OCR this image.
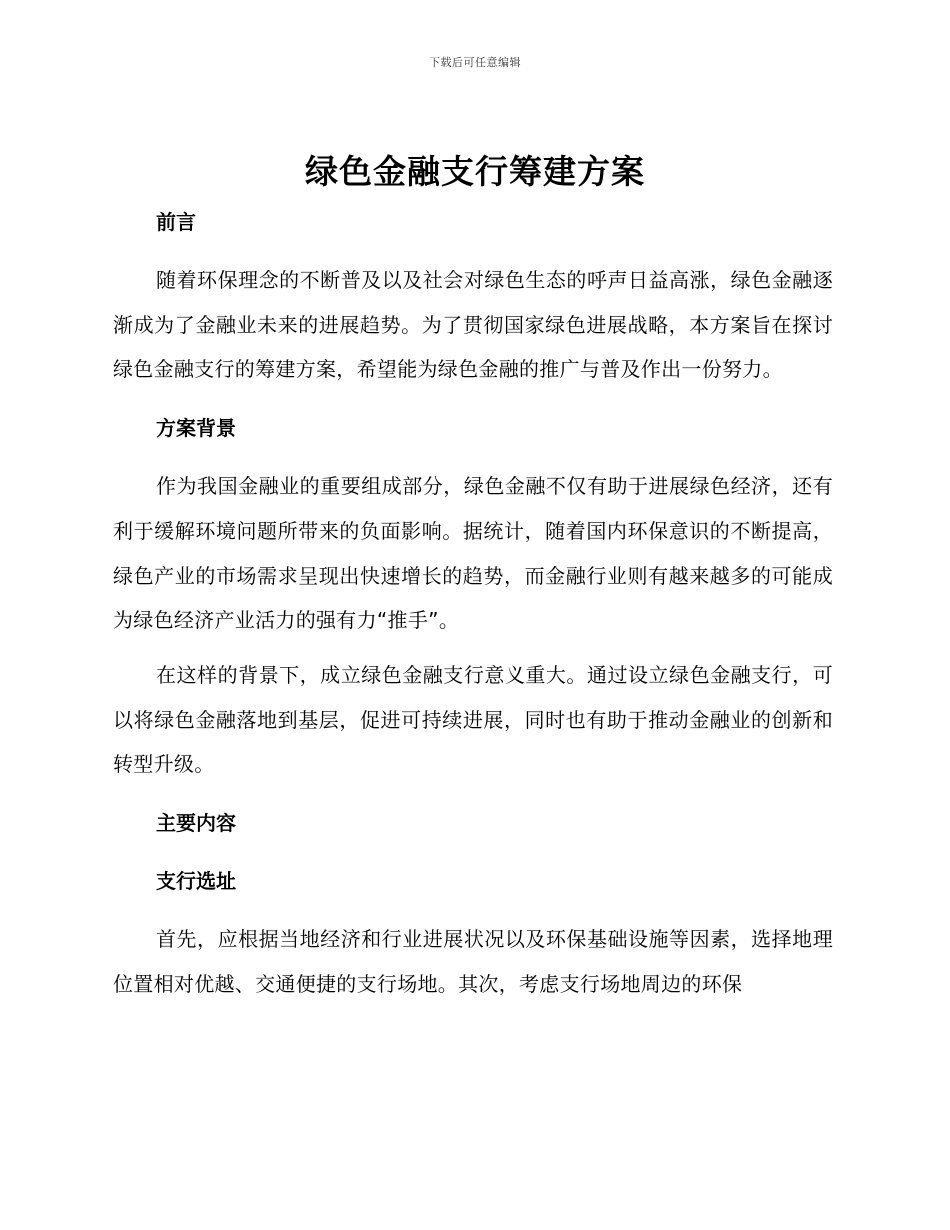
下载后可任意编辑
绿色金融支行筹建方案
前言

随着环保理念的不断普及以及社会对绿色生态的呼声日益高涨，绿色金融逐渐成为了金融业未来的进展趋势。为了贯彻国家绿色进展战略，本方案旨在探讨绿色金融支行的筹建方案，希望能为绿色金融的推广与普及作出一份努力。

方案背景

作为我国金融业的重要组成部分，绿色金融不仅有助于进展绿色经济，还有利于缓解环境问题所带来的负面影响。据统计，随着国内环保意识的不断提高，绿色产业的市场需求呈现出快速增长的趋势，而金融行业则有越来越多的可能成为绿色经济产业活力的强有力“推手”。

在这样的背景下，成立绿色金融支行意义重大。通过设立绿色金融支行，可以将绿色金融落地到基层，促进可持续进展，同时也有助于推动金融业的创新和转型升级。

主要内容
支行选址

首先，应根据当地经济和行业进展状况以及环保基础设施等因素，选择地理位置相对优越、交通便捷的支行场地。其次，考虑支行场地周边的环保
